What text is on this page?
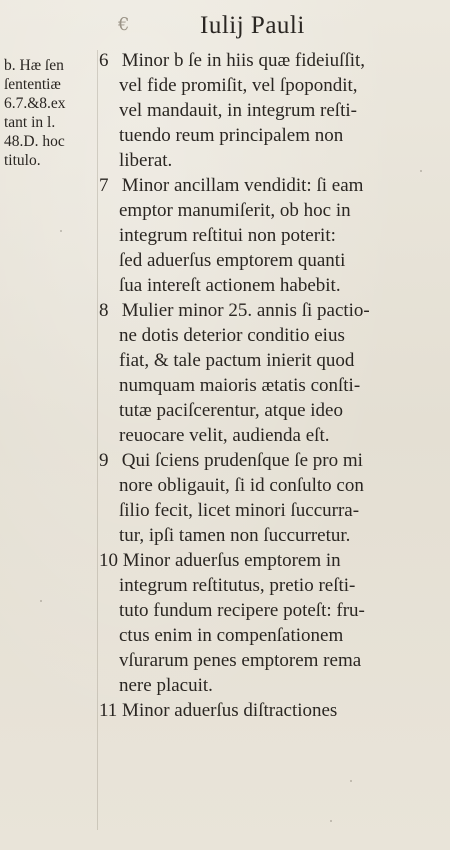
€	Iulij Pauli
b. Hæ ſen
ſententiæ
6.7.&8.ex
tant in l.
48.D. hoc
titulo.
6 Minor b ſe in hiis quæ fideiuſſit,
vel fide promiſit, vel ſpopondit,
vel mandauit, in integrum reſti-
tuendo reum principalem non
liberat.
7 Minor ancillam vendidit: ſi eam
emptor manumiſerit, ob hoc in
integrum reſtitui non poterit:
ſed aduerſus emptorem quanti
ſua intereſt actionem habebit.
8 Mulier minor 25. annis ſi pactio-
ne dotis deterior conditio eius
fiat, & tale pactum inierit quod
numquam maioris ætatis conſti-
tutæ paciſcerentur, atque ideo
reuocare velit, audienda eſt.
9 Qui ſciens prudenſque ſe pro mi
nore obligauit, ſi id conſulto con
ſilio fecit, licet minori ſuccurra-
tur, ipſi tamen non ſuccurretur.
10 Minor aduerſus emptorem in
integrum reſtitutus, pretio reſti-
tuto fundum recipere poteſt: fru-
ctus enim in compenſationem
vſurarum penes emptorem rema
nere placuit.
11 Minor aduerſus diſtractiones
